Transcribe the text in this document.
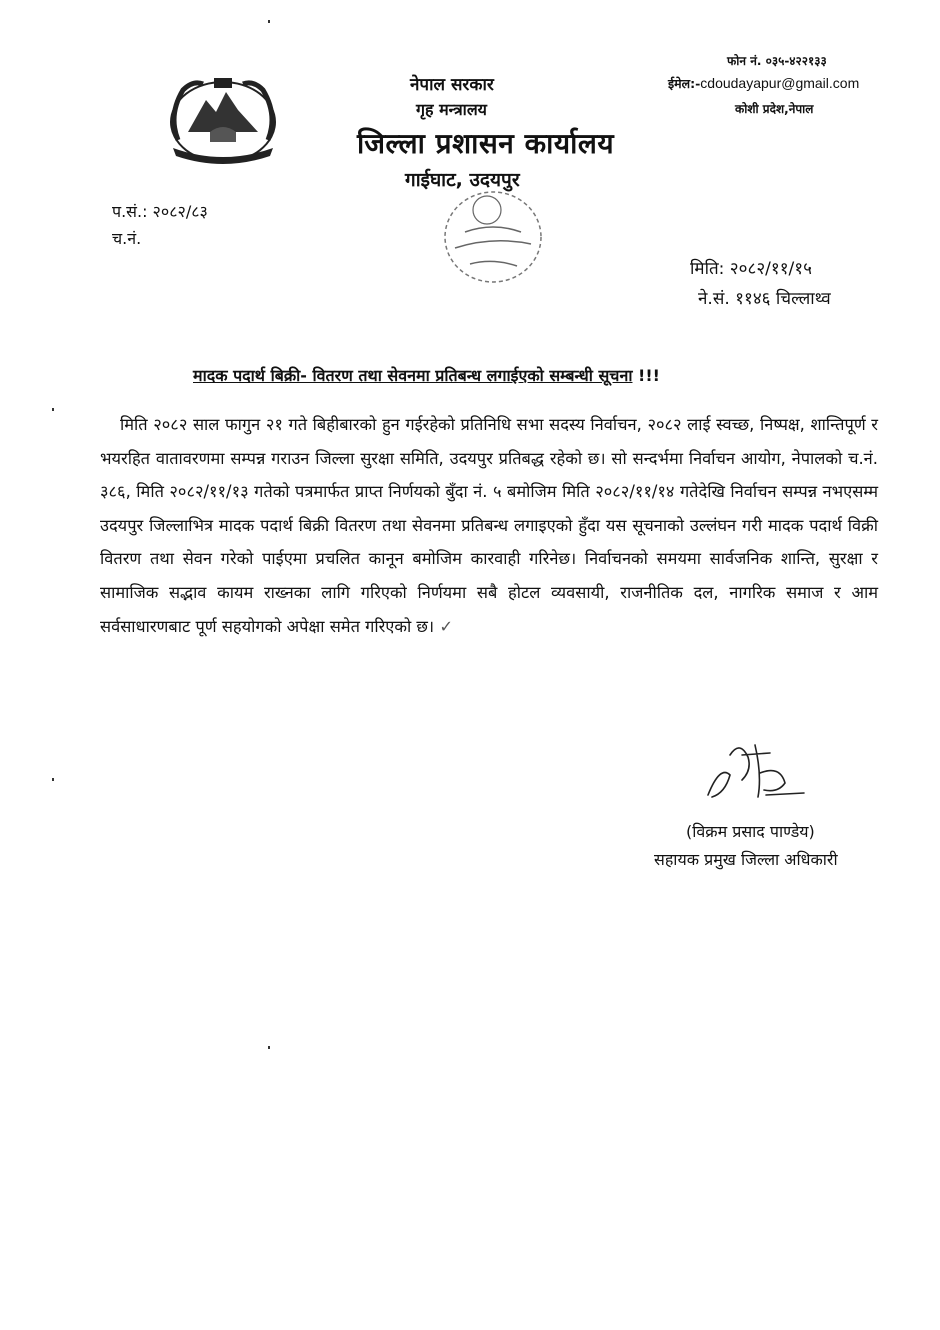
नेपाल सरकार
गृह मन्त्रालय
जिल्ला प्रशासन कार्यालय
गाईघाट, उदयपुर
फोन नं. ०३५-४२२१३३
ईमेल:-cdoudayapur@gmail.com
कोशी प्रदेश,नेपाल
प.सं.: २०८२/८३
च.नं.
मिति: २०८२/११/१५
ने.सं. ११४६ चिल्लाथ्व
मादक पदार्थ बिक्री- वितरण तथा सेवनमा प्रतिबन्ध लगाईएको सम्बन्धी सूचना !!!
मिति २०८२ साल फागुन २१ गते बिहीबारको हुन गईरहेको प्रतिनिधि सभा सदस्य निर्वाचन, २०८२ लाई स्वच्छ, निष्पक्ष, शान्तिपूर्ण र भयरहित वातावरणमा सम्पन्न गराउन जिल्ला सुरक्षा समिति, उदयपुर प्रतिबद्ध रहेको छ। सो सन्दर्भमा निर्वाचन आयोग, नेपालको च.नं. ३८६, मिति २०८२/११/१३ गतेको पत्रमार्फत प्राप्त निर्णयको बुँदा नं. ५ बमोजिम मिति २०८२/११/१४ गतेदेखि निर्वाचन सम्पन्न नभएसम्म उदयपुर जिल्लाभित्र मादक पदार्थ बिक्री वितरण तथा सेवनमा प्रतिबन्ध लगाइएको हुँदा यस सूचनाको उल्लंघन गरी मादक पदार्थ विक्री वितरण तथा सेवन गरेको पाईएमा प्रचलित कानून बमोजिम कारवाही गरिनेछ। निर्वाचनको समयमा सार्वजनिक शान्ति, सुरक्षा र सामाजिक सद्भाव कायम राख्नका लागि गरिएको निर्णयमा सबै होटल व्यवसायी, राजनीतिक दल, नागरिक समाज र आम सर्वसाधारणबाट पूर्ण सहयोगको अपेक्षा समेत गरिएको छ। ✓
(विक्रम प्रसाद पाण्डेय)
सहायक प्रमुख जिल्ला अधिकारी
